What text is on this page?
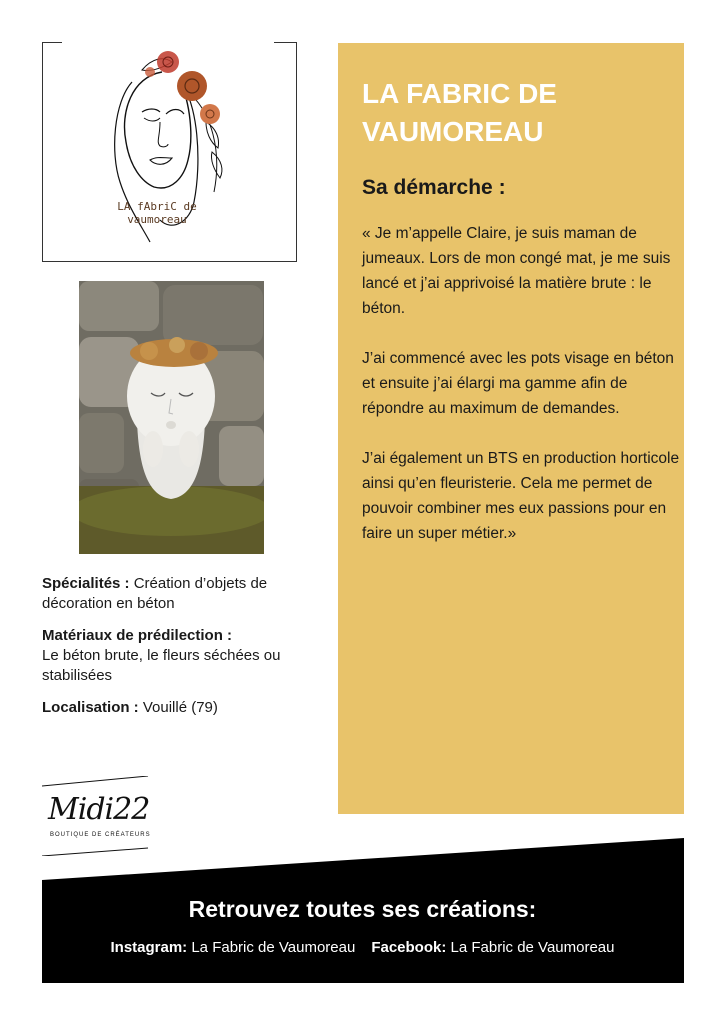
LA fAbriC de
vaumoreau

Spécialités : Création d’objets de décoration en béton

Matériaux de prédilection :
Le béton brute, le fleurs séchées ou stabilisées

Localisation : Vouillé (79)

LA FABRIC DE
VAUMOREAU
Sa démarche :

« Je m’appelle Claire, je suis maman de jumeaux. Lors de mon congé mat, je me suis lancé et j’ai apprivoisé la matière brute : le béton.

J’ai commencé avec les pots visage en béton et ensuite j’ai élargi ma gamme afin de répondre au maximum de demandes.

J’ai également un BTS en production horticole ainsi qu’en fleuristerie. Cela me permet de pouvoir combiner mes eux passions pour en faire un super métier.»

Midi22
BOUTIQUE DE CRÉATEURS
Retrouvez toutes ses créations:
Instagram: La Fabric de Vaumoreau Facebook: La Fabric de Vaumoreau
